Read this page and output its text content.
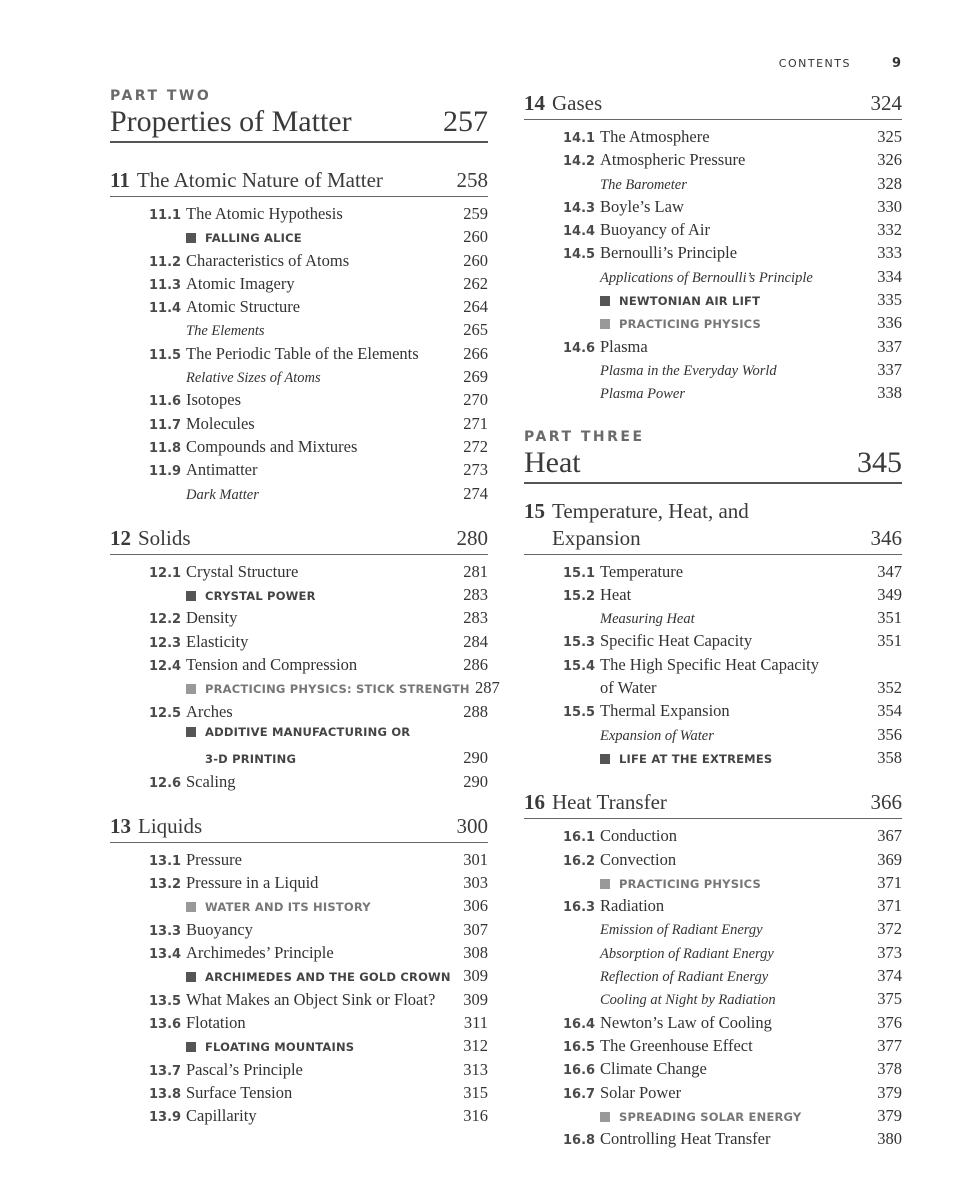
CONTENTS	9
PART TWO
Properties of Matter	257
11 The Atomic Nature of Matter	258
11.1 The Atomic Hypothesis	259
FALLING ALICE	260
11.2 Characteristics of Atoms	260
11.3 Atomic Imagery	262
11.4 Atomic Structure	264
The Elements	265
11.5 The Periodic Table of the Elements	266
Relative Sizes of Atoms	269
11.6 Isotopes	270
11.7 Molecules	271
11.8 Compounds and Mixtures	272
11.9 Antimatter	273
Dark Matter	274
12 Solids	280
12.1 Crystal Structure	281
CRYSTAL POWER	283
12.2 Density	283
12.3 Elasticity	284
12.4 Tension and Compression	286
PRACTICING PHYSICS: STICK STRENGTH 287
12.5 Arches	288
ADDITIVE MANUFACTURING OR
3-D PRINTING	290
12.6 Scaling	290
13 Liquids	300
13.1 Pressure	301
13.2 Pressure in a Liquid	303
WATER AND ITS HISTORY	306
13.3 Buoyancy	307
13.4 Archimedes’ Principle	308
ARCHIMEDES AND THE GOLD CROWN 309
13.5 What Makes an Object Sink or Float?	309
13.6 Flotation	311
FLOATING MOUNTAINS	312
13.7 Pascal’s Principle	313
13.8 Surface Tension	315
13.9 Capillarity	316
14 Gases	324
14.1 The Atmosphere	325
14.2 Atmospheric Pressure	326
The Barometer	328
14.3 Boyle’s Law	330
14.4 Buoyancy of Air	332
14.5 Bernoulli’s Principle	333
Applications of Bernoulli’s Principle	334
NEWTONIAN AIR LIFT	335
PRACTICING PHYSICS	336
14.6 Plasma	337
Plasma in the Everyday World	337
Plasma Power	338
PART THREE
Heat	345
15 Temperature, Heat, and
Expansion	346
15.1 Temperature	347
15.2 Heat	349
Measuring Heat	351
15.3 Specific Heat Capacity	351
15.4 The High Specific Heat Capacity
of Water	352
15.5 Thermal Expansion	354
Expansion of Water	356
LIFE AT THE EXTREMES	358
16 Heat Transfer	366
16.1 Conduction	367
16.2 Convection	369
PRACTICING PHYSICS	371
16.3 Radiation	371
Emission of Radiant Energy	372
Absorption of Radiant Energy	373
Reflection of Radiant Energy	374
Cooling at Night by Radiation	375
16.4 Newton’s Law of Cooling	376
16.5 The Greenhouse Effect	377
16.6 Climate Change	378
16.7 Solar Power	379
SPREADING SOLAR ENERGY	379
16.8 Controlling Heat Transfer	380
